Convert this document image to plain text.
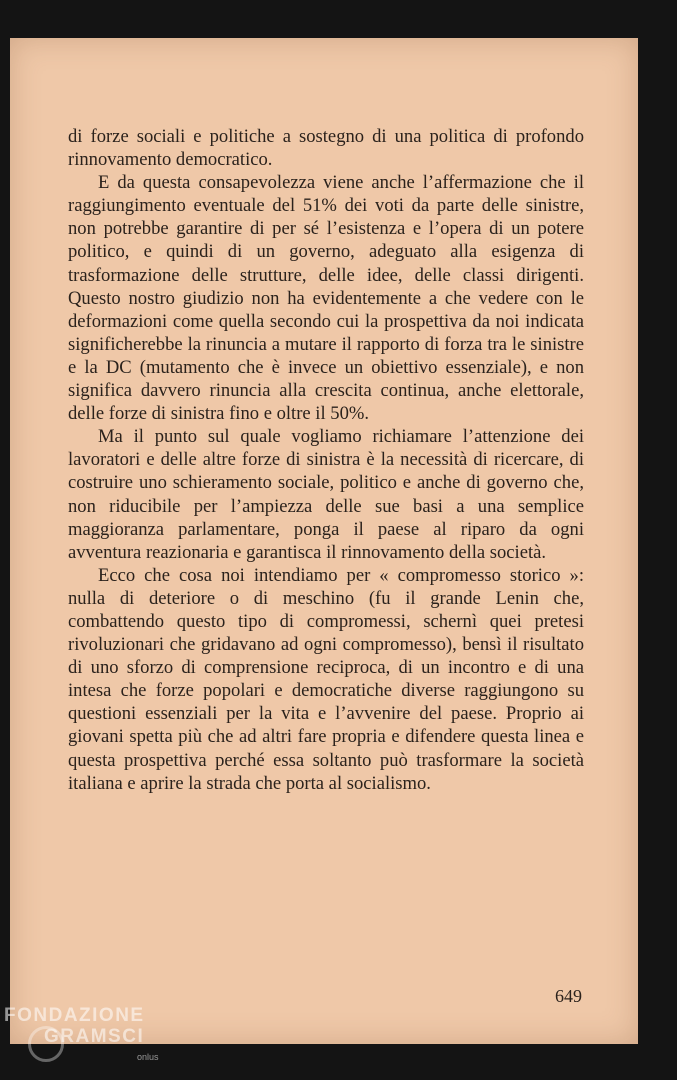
di forze sociali e politiche a sostegno di una politica di profondo rinnovamento democratico.

E da questa consapevolezza viene anche l’affermazione che il raggiungimento eventuale del 51% dei voti da parte delle sinistre, non potrebbe garantire di per sé l’esistenza e l’opera di un potere politico, e quindi di un governo, adeguato alla esigenza di trasformazione delle strutture, delle idee, delle classi dirigenti. Questo nostro giudizio non ha evidentemente a che vedere con le deformazioni come quella secondo cui la prospettiva da noi indicata significherebbe la rinuncia a mutare il rapporto di forza tra le sinistre e la DC (mutamento che è invece un obiettivo essenziale), e non significa davvero rinuncia alla crescita continua, anche elettorale, delle forze di sinistra fino e oltre il 50%.

Ma il punto sul quale vogliamo richiamare l’attenzione dei lavoratori e delle altre forze di sinistra è la necessità di ricercare, di costruire uno schieramento sociale, politico e anche di governo che, non riducibile per l’ampiezza delle sue basi a una semplice maggioranza parlamentare, ponga il paese al riparo da ogni avventura reazionaria e garantisca il rinnovamento della società.

Ecco che cosa noi intendiamo per « compromesso storico »: nulla di deteriore o di meschino (fu il grande Lenin che, combattendo questo tipo di compromessi, schernì quei pretesi rivoluzionari che gridavano ad ogni compromesso), bensì il risultato di uno sforzo di comprensione reciproca, di un incontro e di una intesa che forze popolari e democratiche diverse raggiungono su questioni essenziali per la vita e l’avvenire del paese. Proprio ai giovani spetta più che ad altri fare propria e difendere questa linea e questa prospettiva perché essa soltanto può trasformare la società italiana e aprire la strada che porta al socialismo.

649
FONDAZIONE
GRAMSCI
onlus
